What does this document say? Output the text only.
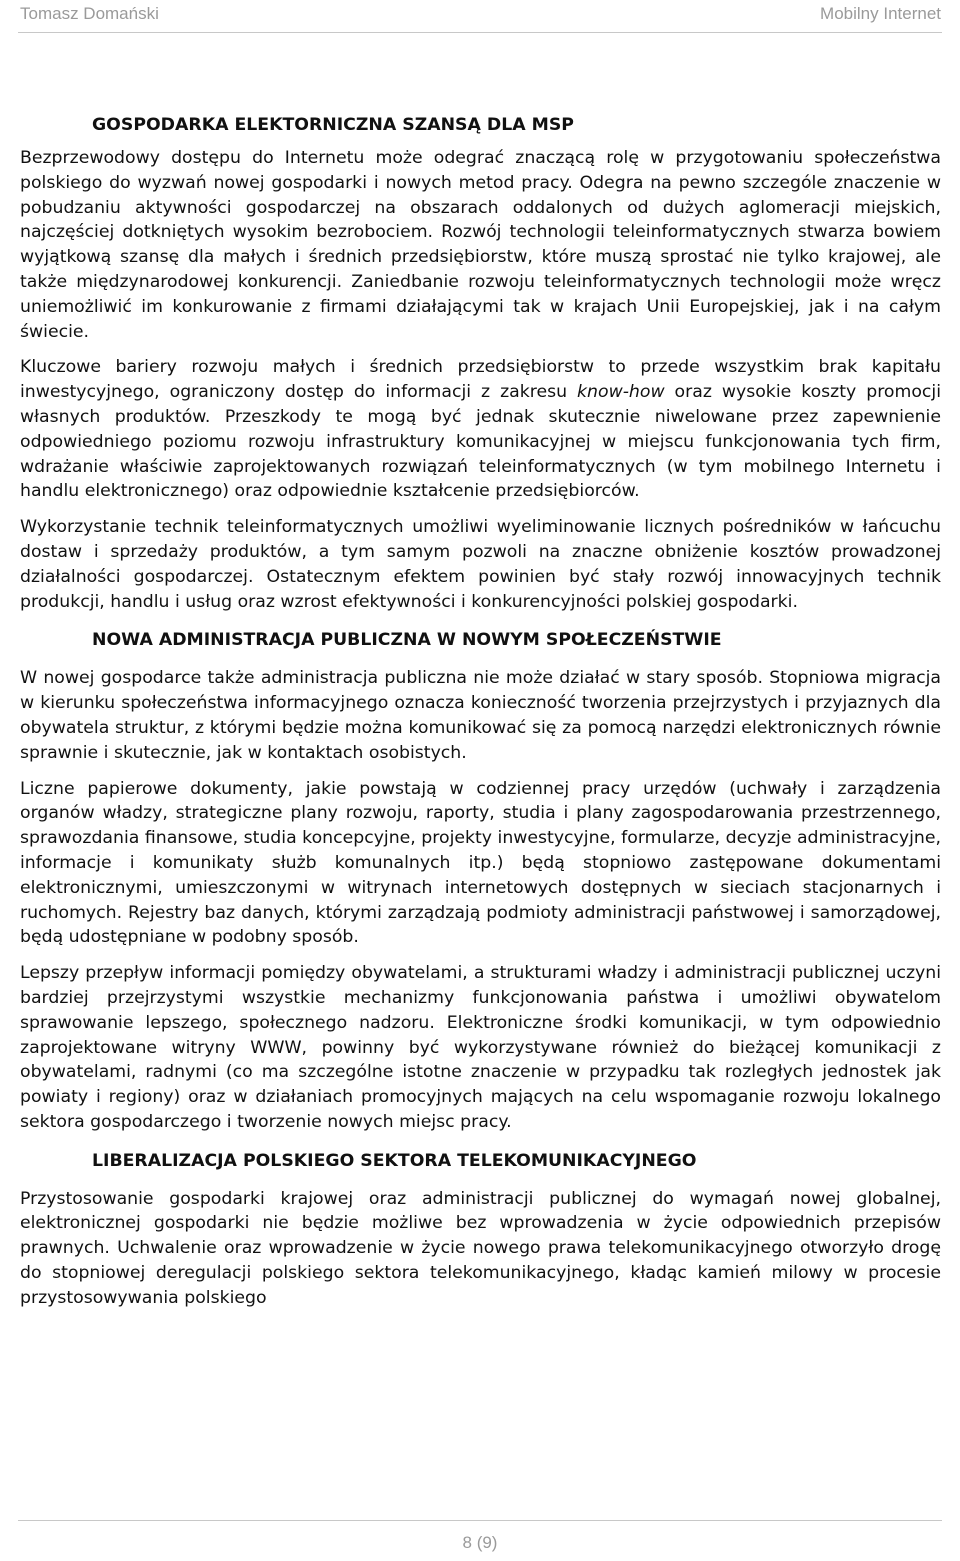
Tomasz Domański	Mobilny Internet
GOSPODARKA ELEKTORNICZNA SZANSĄ DLA MSP

Bezprzewodowy dostępu do Internetu może odegrać znaczącą rolę w przygotowaniu społeczeństwa polskiego do wyzwań nowej gospodarki i nowych metod pracy. Odegra na pewno szczególe znaczenie w pobudzaniu aktywności gospodarczej na obszarach oddalonych od dużych aglomeracji miejskich, najczęściej dotkniętych wysokim bezrobociem. Rozwój technologii teleinformatycznych stwarza bowiem wyjątkową szansę dla małych i średnich przedsiębiorstw, które muszą sprostać nie tylko krajowej, ale także międzynarodowej konkurencji. Zaniedbanie rozwoju teleinformatycznych technologii może wręcz uniemożliwić im konkurowanie z firmami działającymi tak w krajach Unii Europejskiej, jak i na całym świecie.

Kluczowe bariery rozwoju małych i średnich przedsiębiorstw to przede wszystkim brak kapitału inwestycyjnego, ograniczony dostęp do informacji z zakresu know-how oraz wysokie koszty promocji własnych produktów. Przeszkody te mogą być jednak skutecznie niwelowane przez zapewnienie odpowiedniego poziomu rozwoju infrastruktury komunikacyjnej w miejscu funkcjonowania tych firm, wdrażanie właściwie zaprojektowanych rozwiązań teleinformatycznych (w tym mobilnego Internetu i handlu elektronicznego) oraz odpowiednie kształcenie przedsiębiorców.

Wykorzystanie technik teleinformatycznych umożliwi wyeliminowanie licznych pośredników w łańcuchu dostaw i sprzedaży produktów, a tym samym pozwoli na znaczne obniżenie kosztów prowadzonej działalności gospodarczej. Ostatecznym efektem powinien być stały rozwój innowacyjnych technik produkcji, handlu i usług oraz wzrost efektywności i konkurencyjności polskiej gospodarki.

NOWA ADMINISTRACJA PUBLICZNA W NOWYM SPOŁECZEŃSTWIE

W nowej gospodarce także administracja publiczna nie może działać w stary sposób. Stopniowa migracja w kierunku społeczeństwa informacyjnego oznacza konieczność tworzenia przejrzystych i przyjaznych dla obywatela struktur, z którymi będzie można komunikować się za pomocą narzędzi elektronicznych równie sprawnie i skutecznie, jak w kontaktach osobistych.

Liczne papierowe dokumenty, jakie powstają w codziennej pracy urzędów (uchwały i zarządzenia organów władzy, strategiczne plany rozwoju, raporty, studia i plany zagospodarowania przestrzennego, sprawozdania finansowe, studia koncepcyjne, projekty inwestycyjne, formularze, decyzje administracyjne, informacje i komunikaty służb komunalnych itp.) będą stopniowo zastępowane dokumentami elektronicznymi, umieszczonymi w witrynach internetowych dostępnych w sieciach stacjonarnych i ruchomych. Rejestry baz danych, którymi zarządzają podmioty administracji państwowej i samorządowej, będą udostępniane w podobny sposób.

Lepszy przepływ informacji pomiędzy obywatelami, a strukturami władzy i administracji publicznej uczyni bardziej przejrzystymi wszystkie mechanizmy funkcjonowania państwa i umożliwi obywatelom sprawowanie lepszego, społecznego nadzoru. Elektroniczne środki komunikacji, w tym odpowiednio zaprojektowane witryny WWW, powinny być wykorzystywane również do bieżącej komunikacji z obywatelami, radnymi (co ma szczególne istotne znaczenie w przypadku tak rozległych jednostek jak powiaty i regiony) oraz w działaniach promocyjnych mających na celu wspomaganie rozwoju lokalnego sektora gospodarczego i tworzenie nowych miejsc pracy.

LIBERALIZACJA POLSKIEGO SEKTORA TELEKOMUNIKACYJNEGO

Przystosowanie gospodarki krajowej oraz administracji publicznej do wymagań nowej globalnej, elektronicznej gospodarki nie będzie możliwe bez wprowadzenia w życie odpowiednich przepisów prawnych. Uchwalenie oraz wprowadzenie w życie nowego prawa telekomunikacyjnego otworzyło drogę do stopniowej deregulacji polskiego sektora telekomunikacyjnego, kładąc kamień milowy w procesie przystosowywania polskiego

8 (9)
